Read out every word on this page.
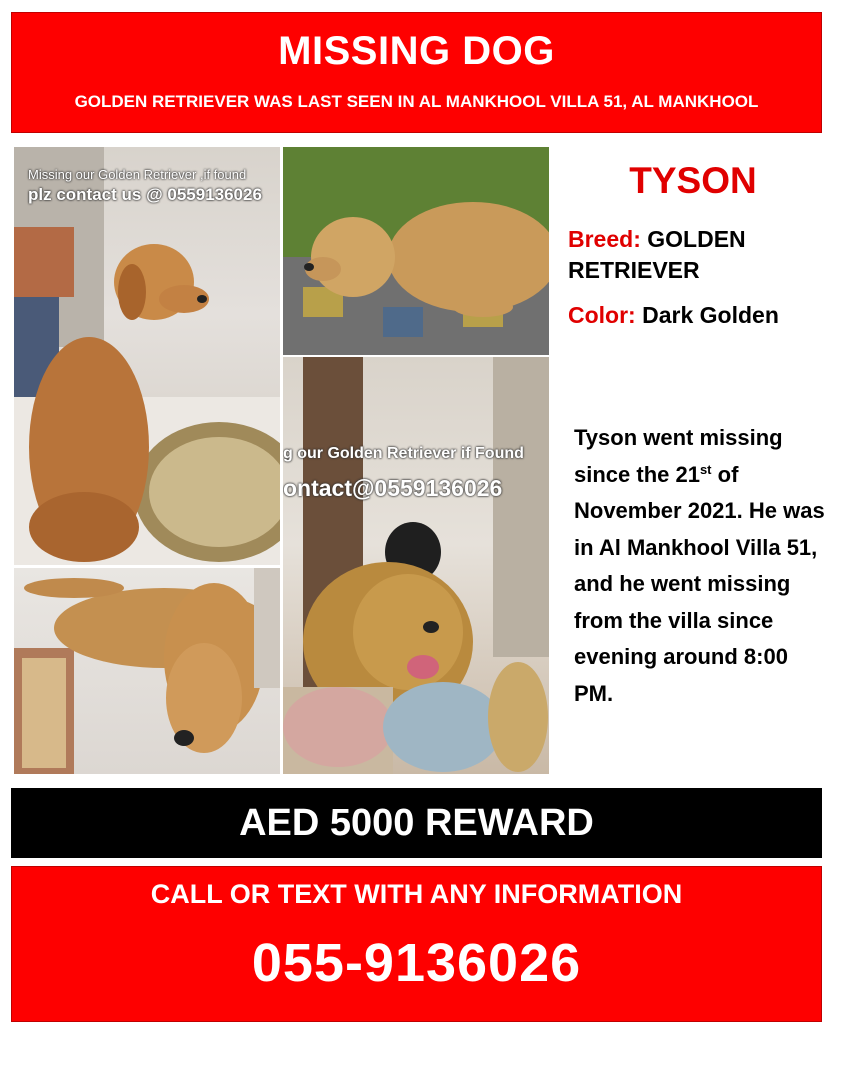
MISSING DOG
GOLDEN RETRIEVER WAS LAST SEEN IN AL MANKHOOL VILLA 51, AL MANKHOOL
Missing our Golden Retriever ,if found
plz contact us @ 0559136026
g our Golden Retriever if Found
ontact@0559136026
TYSON
Breed: GOLDEN RETRIEVER
Color: Dark Golden
Tyson went missing since the 21st of November 2021. He was in Al Mankhool Villa 51, and he went missing from the villa since evening around 8:00 PM.
AED 5000 REWARD
CALL OR TEXT WITH ANY INFORMATION
055-9136026
